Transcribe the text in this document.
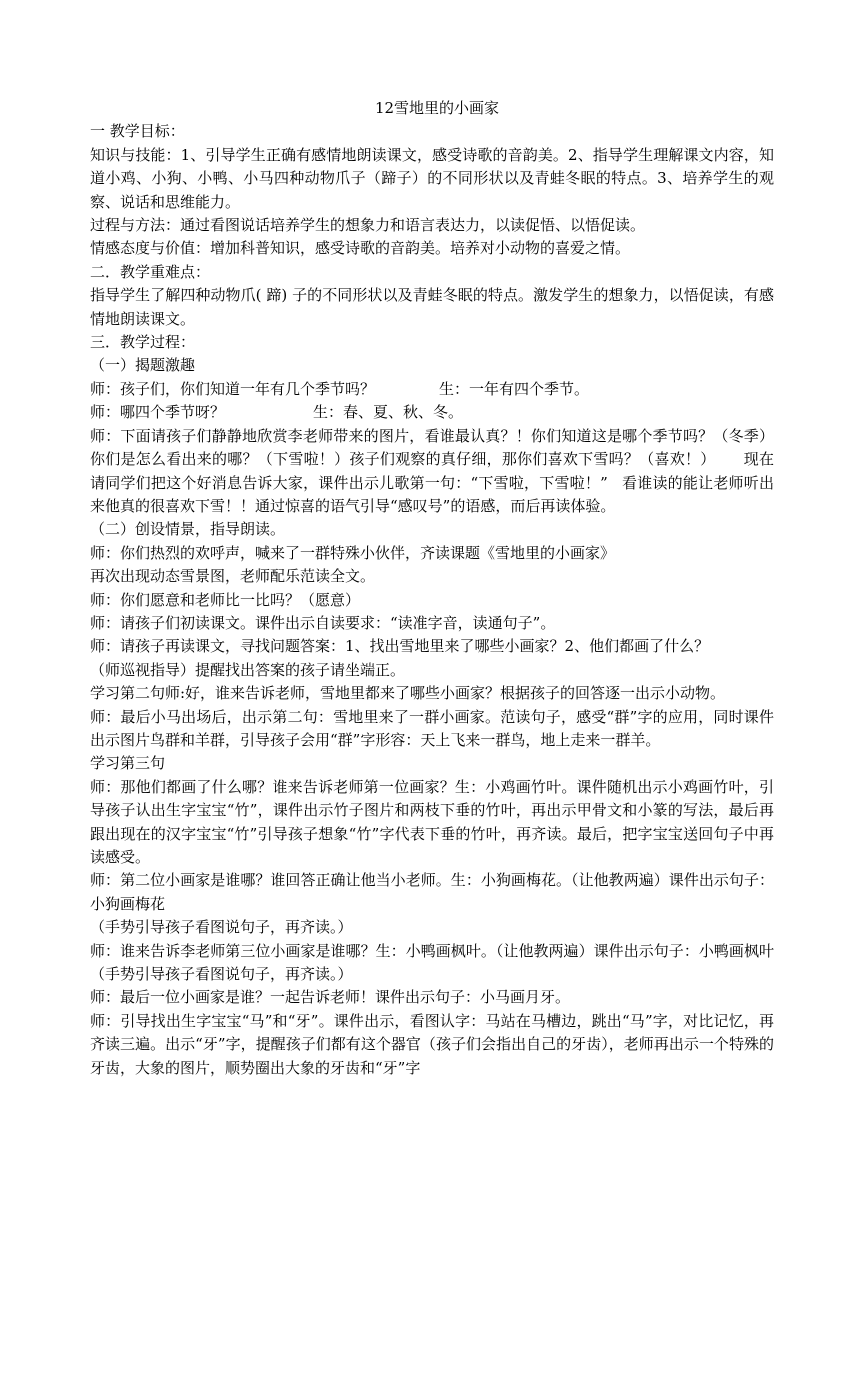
12雪地里的小画家

一 教学目标：

知识与技能：1、引导学生正确有感情地朗读课文，感受诗歌的音韵美。2、指导学生理解课文内容，知道小鸡、小狗、小鸭、小马四种动物爪子（蹄子）的不同形状以及青蛙冬眠的特点。3、培养学生的观察、说话和思维能力。

过程与方法：通过看图说话培养学生的想象力和语言表达力，以读促悟、以悟促读。

情感态度与价值：增加科普知识，感受诗歌的音韵美。培养对小动物的喜爱之情。

二．教学重难点：

指导学生了解四种动物爪( 蹄) 子的不同形状以及青蛙冬眠的特点。激发学生的想象力，以悟促读，有感情地朗读课文。

三．教学过程：

（一）揭题激趣

师：孩子们，你们知道一年有几个季节吗？	生：一年有四个季节。

师：哪四个季节呀？	生：春、夏、秋、冬。

师：下面请孩子们静静地欣赏李老师带来的图片，看谁最认真？！你们知道这是哪个季节吗？（冬季）你们是怎么看出来的哪？（下雪啦！）孩子们观察的真仔细，那你们喜欢下雪吗？（喜欢！） 现在请同学们把这个好消息告诉大家，课件出示儿歌第一句：“下雪啦，下雪啦！” 看谁读的能让老师听出来他真的很喜欢下雪！！通过惊喜的语气引导“感叹号”的语感，而后再读体验。

（二）创设情景，指导朗读。

师：你们热烈的欢呼声，喊来了一群特殊小伙伴，齐读课题《雪地里的小画家》

再次出现动态雪景图，老师配乐范读全文。

师：你们愿意和老师比一比吗？（愿意）

师：请孩子们初读课文。课件出示自读要求：“读准字音，读通句子”。

师：请孩子再读课文，寻找问题答案：1、找出雪地里来了哪些小画家？2、他们都画了什么？

（师巡视指导）提醒找出答案的孩子请坐端正。

学习第二句师:好，谁来告诉老师，雪地里都来了哪些小画家？根据孩子的回答逐一出示小动物。

师：最后小马出场后，出示第二句：雪地里来了一群小画家。范读句子，感受“群”字的应用，同时课件出示图片鸟群和羊群，引导孩子会用“群”字形容：天上飞来一群鸟，地上走来一群羊。

学习第三句

师：那他们都画了什么哪？谁来告诉老师第一位画家？生：小鸡画竹叶。课件随机出示小鸡画竹叶，引导孩子认出生字宝宝“竹”，课件出示竹子图片和两枝下垂的竹叶，再出示甲骨文和小篆的写法，最后再跟出现在的汉字宝宝“竹”引导孩子想象“竹”字代表下垂的竹叶，再齐读。最后，把字宝宝送回句子中再读感受。

师：第二位小画家是谁哪？谁回答正确让他当小老师。生：小狗画梅花。（让他教两遍）课件出示句子：小狗画梅花

（手势引导孩子看图说句子，再齐读。）

师：谁来告诉李老师第三位小画家是谁哪？生：小鸭画枫叶。（让他教两遍）课件出示句子：小鸭画枫叶（手势引导孩子看图说句子，再齐读。）

师：最后一位小画家是谁？一起告诉老师！课件出示句子：小马画月牙。

师：引导找出生字宝宝“马”和“牙”。课件出示，看图认字：马站在马槽边，跳出“马”字，对比记忆，再齐读三遍。出示“牙”字，提醒孩子们都有这个器官（孩子们会指出自己的牙齿），老师再出示一个特殊的牙齿，大象的图片，顺势圈出大象的牙齿和“牙”字
